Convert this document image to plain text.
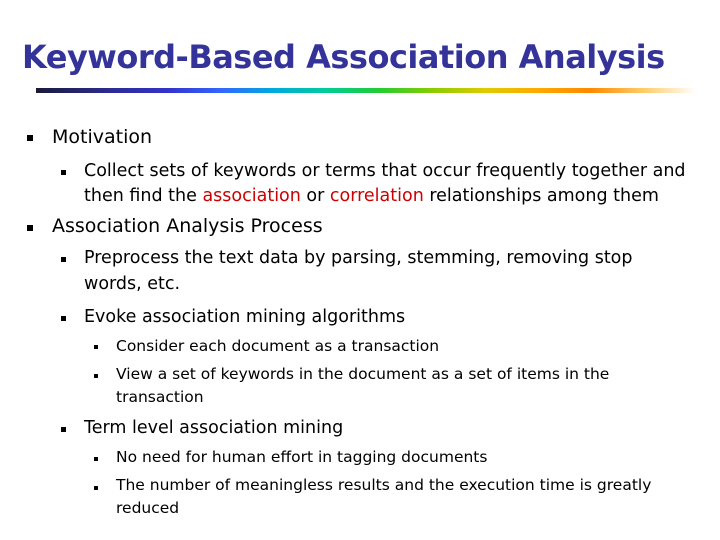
Keyword-Based Association Analysis
Motivation
Collect sets of keywords or terms that occur frequently together and
then find the association or correlation relationships among them
Association Analysis Process
Preprocess the text data by parsing, stemming, removing stop
words, etc.
Evoke association mining algorithms
Consider each document as a transaction
View a set of keywords in the document as a set of items in the
transaction
Term level association mining
No need for human effort in tagging documents
The number of meaningless results and the execution time is greatly
reduced
